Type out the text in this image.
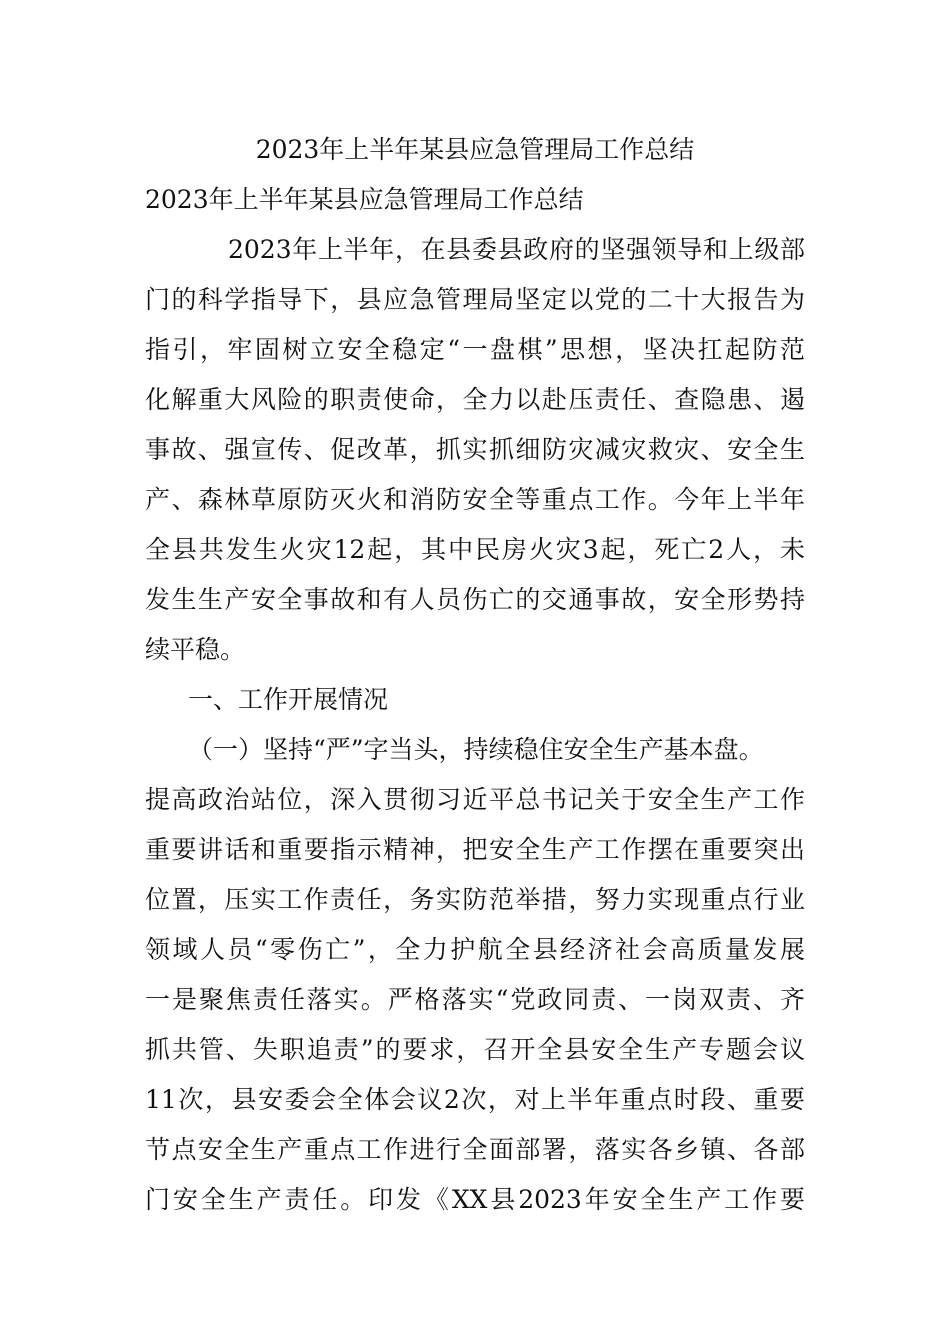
2023年上半年某县应急管理局工作总结
2023年上半年某县应急管理局工作总结
2023年上半年，在县委县政府的坚强领导和上级部
门的科学指导下，县应急管理局坚定以党的二十大报告为
指引，牢固树立安全稳定“一盘棋”思想，坚决扛起防范
化解重大风险的职责使命，全力以赴压责任、查隐患、遏
事故、强宣传、促改革，抓实抓细防灾减灾救灾、安全生
产、森林草原防灭火和消防安全等重点工作。今年上半年
全县共发生火灾12起，其中民房火灾3起，死亡2人，未
发生生产安全事故和有人员伤亡的交通事故，安全形势持
续平稳。
一、工作开展情况
（一）坚持“严”字当头，持续稳住安全生产基本盘。
提高政治站位，深入贯彻习近平总书记关于安全生产工作
重要讲话和重要指示精神，把安全生产工作摆在重要突出
位置，压实工作责任，务实防范举措，努力实现重点行业
领域人员“零伤亡”，全力护航全县经济社会高质量发展
一是聚焦责任落实。严格落实“党政同责、一岗双责、齐
抓共管、失职追责”的要求，召开全县安全生产专题会议
11次，县安委会全体会议2次，对上半年重点时段、重要
节点安全生产重点工作进行全面部署，落实各乡镇、各部
门安全生产责任。印发《XX县2023年安全生产工作要
